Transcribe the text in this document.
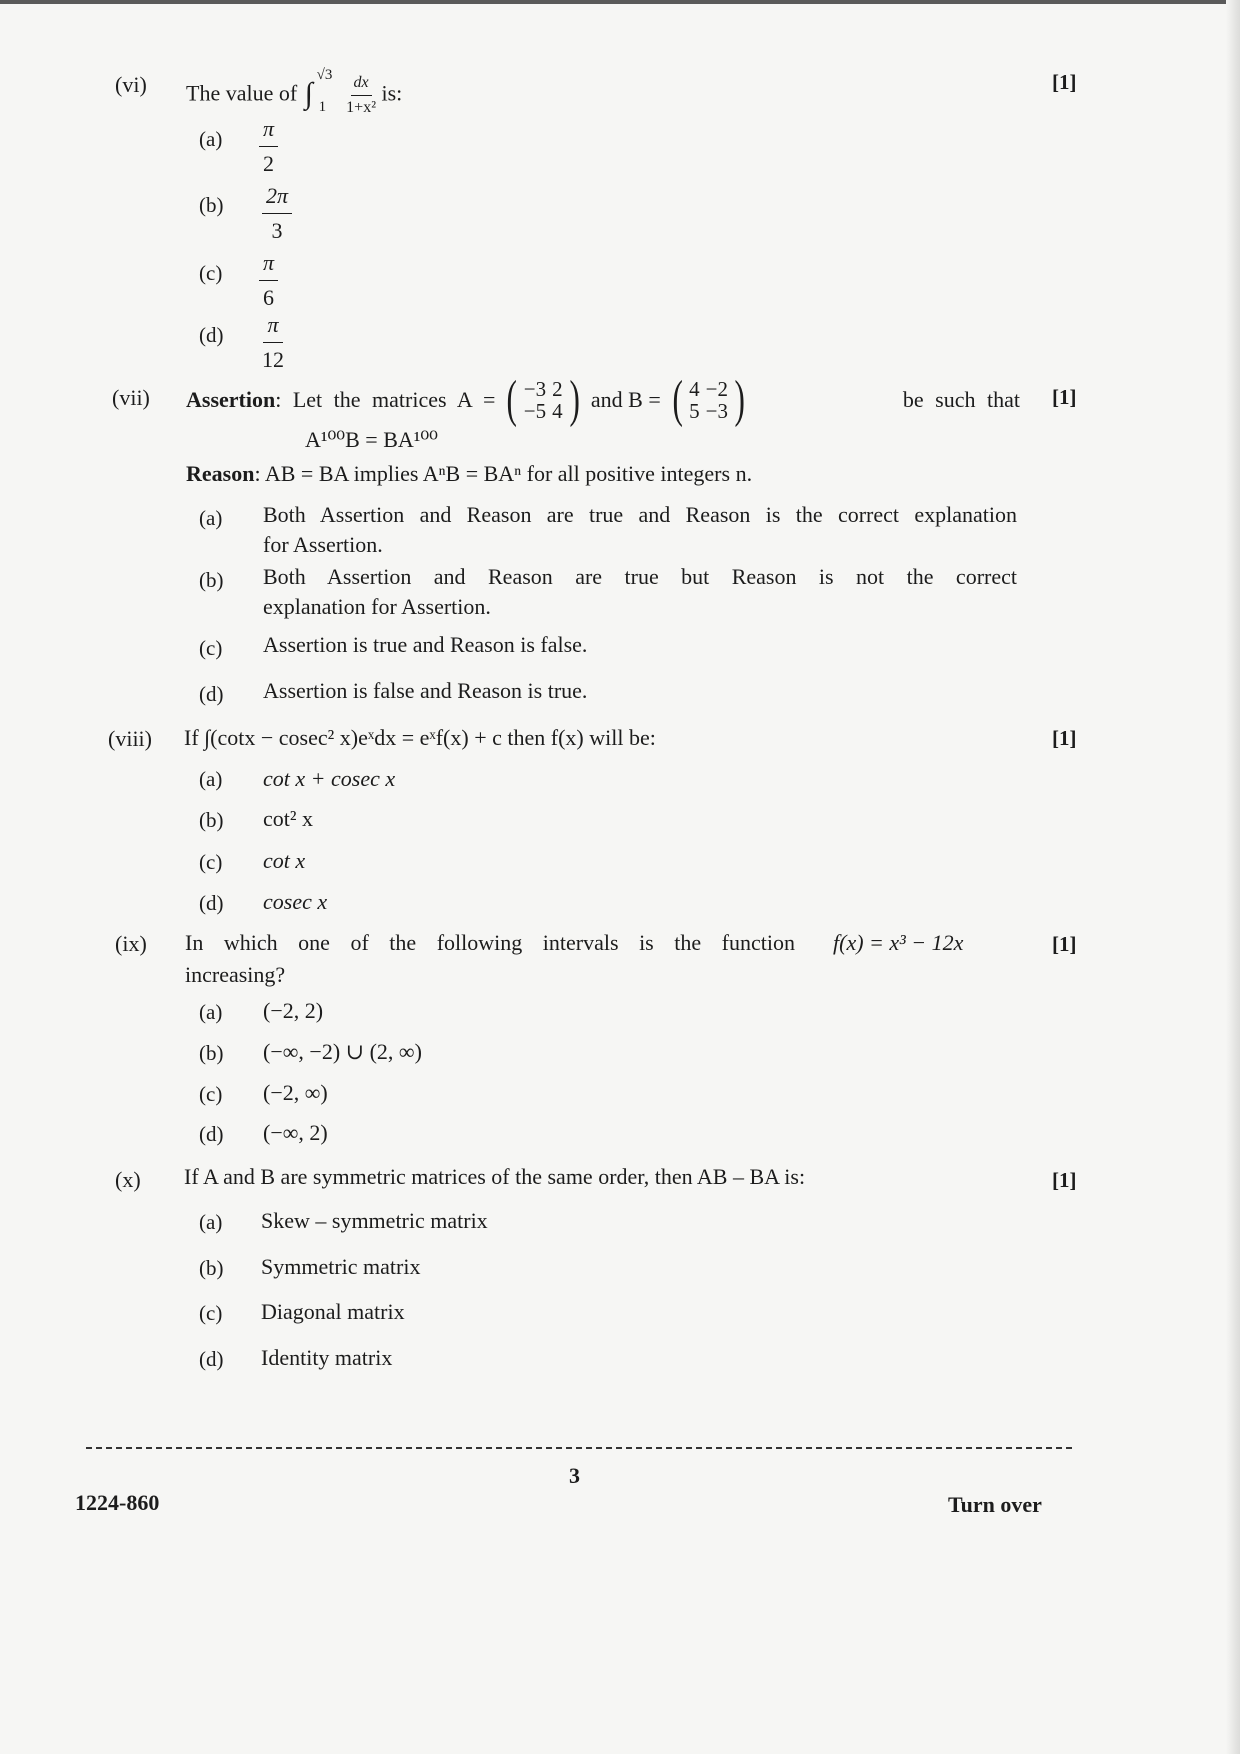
(vi) The value of ∫
√3
1
$\frac{dx}{\text{1+x²}}$ is:	[1]
$(a) \frac{\pi}{2}$
$(b) \frac{2\pi}{3}$
$(c) \frac{\pi}{6}$
$(d) \frac{\pi}{12}$
(vii) Assertion : Let the matrices A = ( −3	2
−5	4 ) and B = ( 4	−2
5	−3 )	be such that [1]
A¹⁰⁰B = BA¹⁰⁰
Reason: AB = BA implies AⁿB = BAⁿ for all positive integers n.
(a) Both Assertion and Reason are true and Reason is the correct explanation
for Assertion.
(b) Both Assertion and Reason are true but Reason is not the correct
explanation for Assertion.
(c) Assertion is true and Reason is false.
(d) Assertion is false and Reason is true.
(viii) If ∫(cotx − cosec² x)eˣdx = eˣf(x) + c then f(x) will be:	[1]
(a) cot x + cosec x
(b) cot² x
(c) cot x
(d) cosec x
(ix) In which one of the following intervals is the function f(x) = x³ − 12x	[1]
increasing?
(a) (−2, 2)
(b) (−∞, −2) ∪ (2, ∞)
(c) (−2, ∞)
(d) (−∞, 2)
(x) If A and B are symmetric matrices of the same order, then AB – BA is:	[1]
(a) Skew – symmetric matrix
(b) Symmetric matrix
(c) Diagonal matrix
(d) Identity matrix
3
1224-860	Turn over
